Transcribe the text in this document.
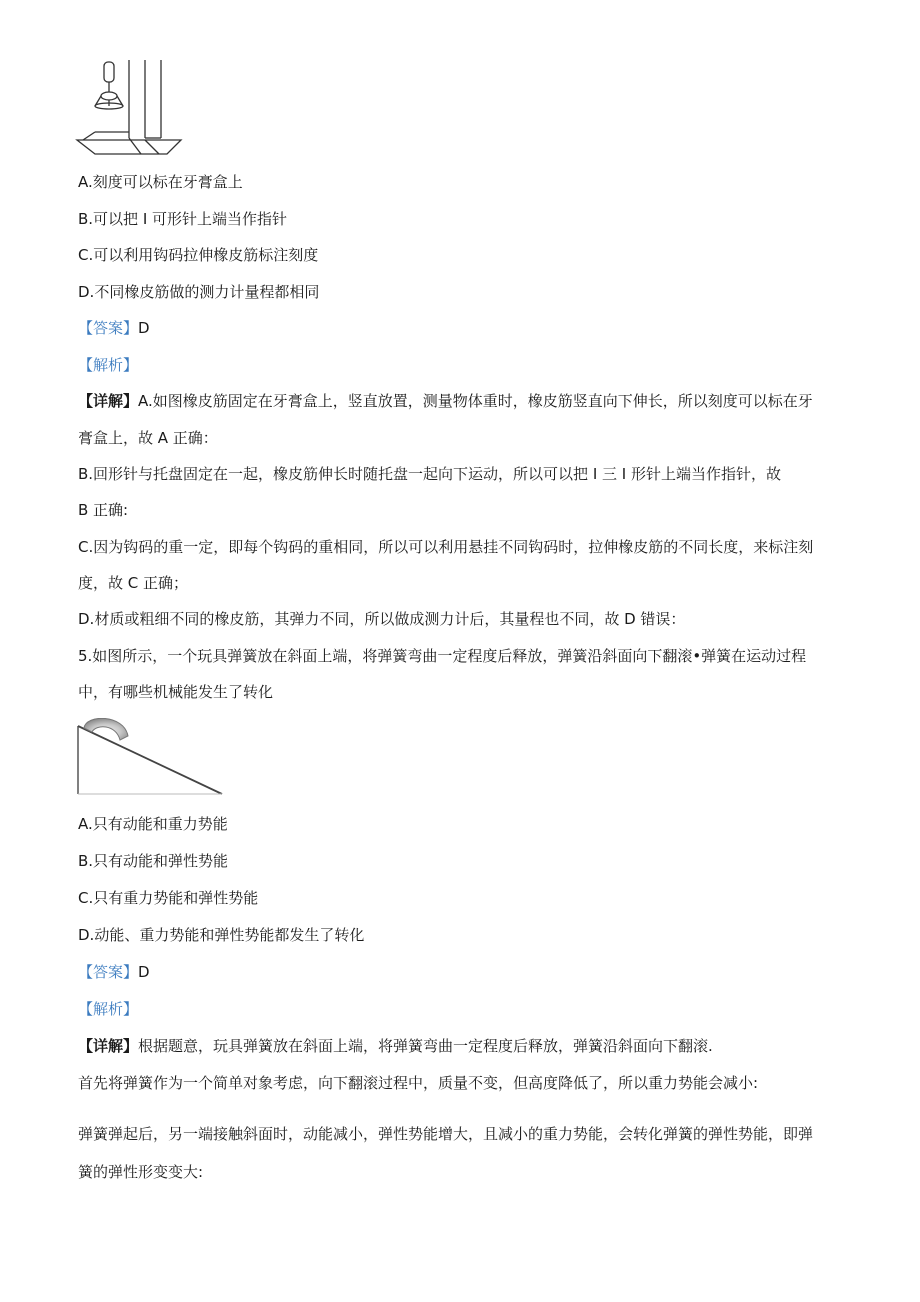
A.刻度可以标在牙膏盒上
B.可以把 I 可形针上端当作指针
C.可以利用钩码拉伸橡皮筋标注刻度
D.不同橡皮筋做的测力计量程都相同
【答案】D
【解析】
【详解】A.如图橡皮筋固定在牙膏盒上，竖直放置，测量物体重时，橡皮筋竖直向下伸长，所以刻度可以标在牙
膏盒上，故 A 正确：
B.回形针与托盘固定在一起，橡皮筋伸长时随托盘一起向下运动，所以可以把 I 三 I 形针上端当作指针，故
B 正确:
C.因为钩码的重一定，即每个钩码的重相同，所以可以利用悬挂不同钩码时，拉伸橡皮筋的不同长度，来标注刻
度，故 C 正确；
D.材质或粗细不同的橡皮筋，其弹力不同，所以做成测力计后，其量程也不同，故 D 错误：
5.如图所示，一个玩具弹簧放在斜面上端，将弹簧弯曲一定程度后释放，弹簧沿斜面向下翻滚•弹簧在运动过程
中，有哪些机械能发生了转化
A.只有动能和重力势能
B.只有动能和弹性势能
C.只有重力势能和弹性势能
D.动能、重力势能和弹性势能都发生了转化
【答案】D
【解析】
【详解】根据题意，玩具弹簧放在斜面上端，将弹簧弯曲一定程度后释放，弹簧沿斜面向下翻滚.
首先将弹簧作为一个简单对象考虑，向下翻滚过程中，质量不变，但高度降低了，所以重力势能会减小:
弹簧弹起后，另一端接触斜面时，动能减小，弹性势能增大，且减小的重力势能，会转化弹簧的弹性势能，即弹
簧的弹性形变变大:
